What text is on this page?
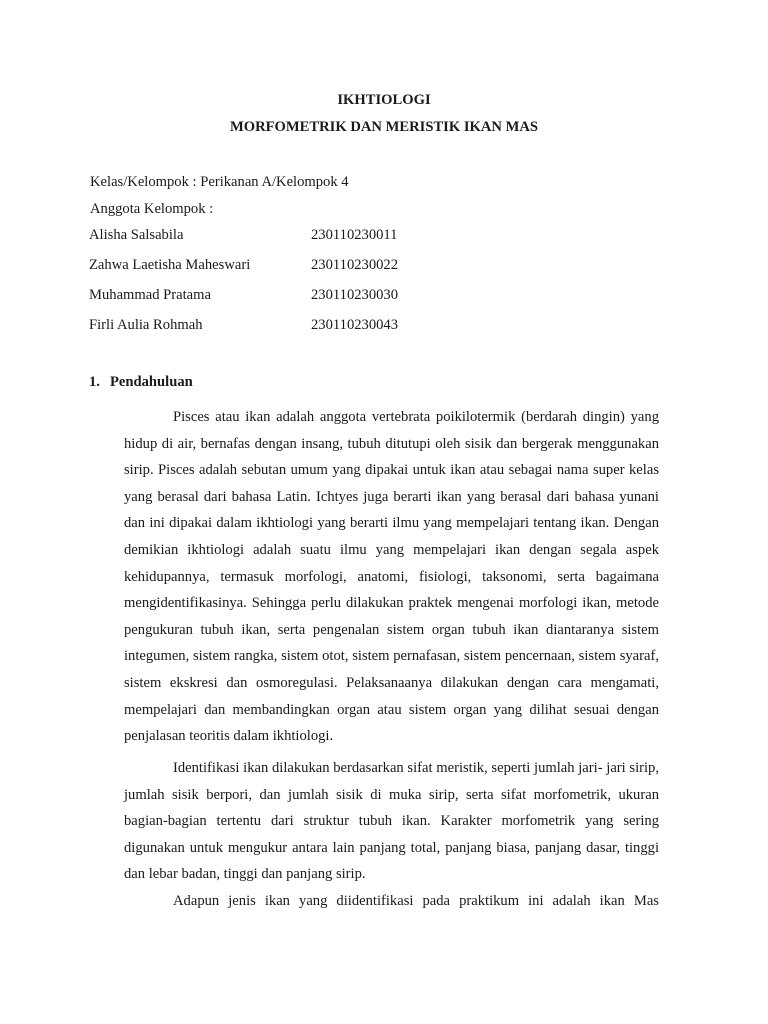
IKHTIOLOGI
MORFOMETRIK DAN MERISTIK IKAN MAS
Kelas/Kelompok : Perikanan A/Kelompok 4
Anggota Kelompok :
Alisha Salsabila	230110230011
Zahwa Laetisha Maheswari	230110230022
Muhammad Pratama	230110230030
Firli Aulia Rohmah	230110230043
1. Pendahuluan

Pisces atau ikan adalah anggota vertebrata poikilotermik (berdarah dingin) yang hidup di air, bernafas dengan insang, tubuh ditutupi oleh sisik dan bergerak menggunakan sirip. Pisces adalah sebutan umum yang dipakai untuk ikan atau sebagai nama super kelas yang berasal dari bahasa Latin. Ichtyes juga berarti ikan yang berasal dari bahasa yunani dan ini dipakai dalam ikhtiologi yang berarti ilmu yang mempelajari tentang ikan. Dengan demikian ikhtiologi adalah suatu ilmu yang mempelajari ikan dengan segala aspek kehidupannya, termasuk morfologi, anatomi, fisiologi, taksonomi, serta bagaimana mengidentifikasinya. Sehingga perlu dilakukan praktek mengenai morfologi ikan, metode pengukuran tubuh ikan, serta pengenalan sistem organ tubuh ikan diantaranya sistem integumen, sistem rangka, sistem otot, sistem pernafasan, sistem pencernaan, sistem syaraf, sistem ekskresi dan osmoregulasi. Pelaksanaanya dilakukan dengan cara mengamati, mempelajari dan membandingkan organ atau sistem organ yang dilihat sesuai dengan penjalasan teoritis dalam ikhtiologi.

Identifikasi ikan dilakukan berdasarkan sifat meristik, seperti jumlah jari- jari sirip, jumlah sisik berpori, dan jumlah sisik di muka sirip, serta sifat morfometrik, ukuran bagian-bagian tertentu dari struktur tubuh ikan. Karakter morfometrik yang sering digunakan untuk mengukur antara lain panjang total, panjang biasa, panjang dasar, tinggi dan lebar badan, tinggi dan panjang sirip.

Adapun jenis ikan yang diidentifikasi pada praktikum ini adalah ikan Mas
